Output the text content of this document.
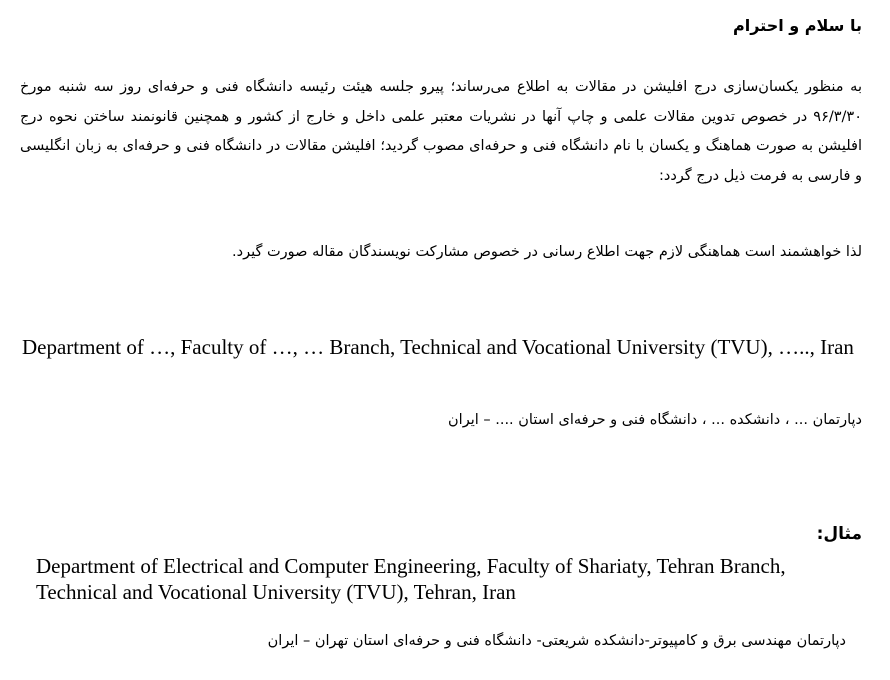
با سلام و احترام

به منظور یکسان‌سازی درج افلیشن در مقالات به اطلاع می‌رساند؛ پیرو جلسه هیئت رئیسه دانشگاه فنی و حرفه‌ای روز سه شنبه مورخ ۹۶/۳/۳۰ در خصوص تدوین مقالات علمی و چاپ آنها در نشریات معتبر علمی داخل و خارج از کشور و همچنین قانونمند ساختن نحوه درج افلیشن به صورت هماهنگ و یکسان با نام دانشگاه فنی و حرفه‌ای مصوب گردید؛ افلیشن مقالات در دانشگاه فنی و حرفه‌ای به زبان انگلیسی و فارسی به فرمت ذیل درج گردد:

لذا خواهشمند است هماهنگی لازم جهت اطلاع رسانی در خصوص مشارکت نویسندگان مقاله صورت گیرد.

Department of …, Faculty of …, … Branch, Technical and Vocational University (TVU), ….., Iran

دپارتمان ... ، دانشکده ... ، دانشگاه فنی و حرفه‌ای استان .... – ایران

مثال:

Department of Electrical and Computer Engineering, Faculty of Shariaty, Tehran Branch, Technical and Vocational University (TVU), Tehran, Iran

دپارتمان مهندسی برق و کامپیوتر-دانشکده شریعتی- دانشگاه فنی و حرفه‌ای استان تهران – ایران
